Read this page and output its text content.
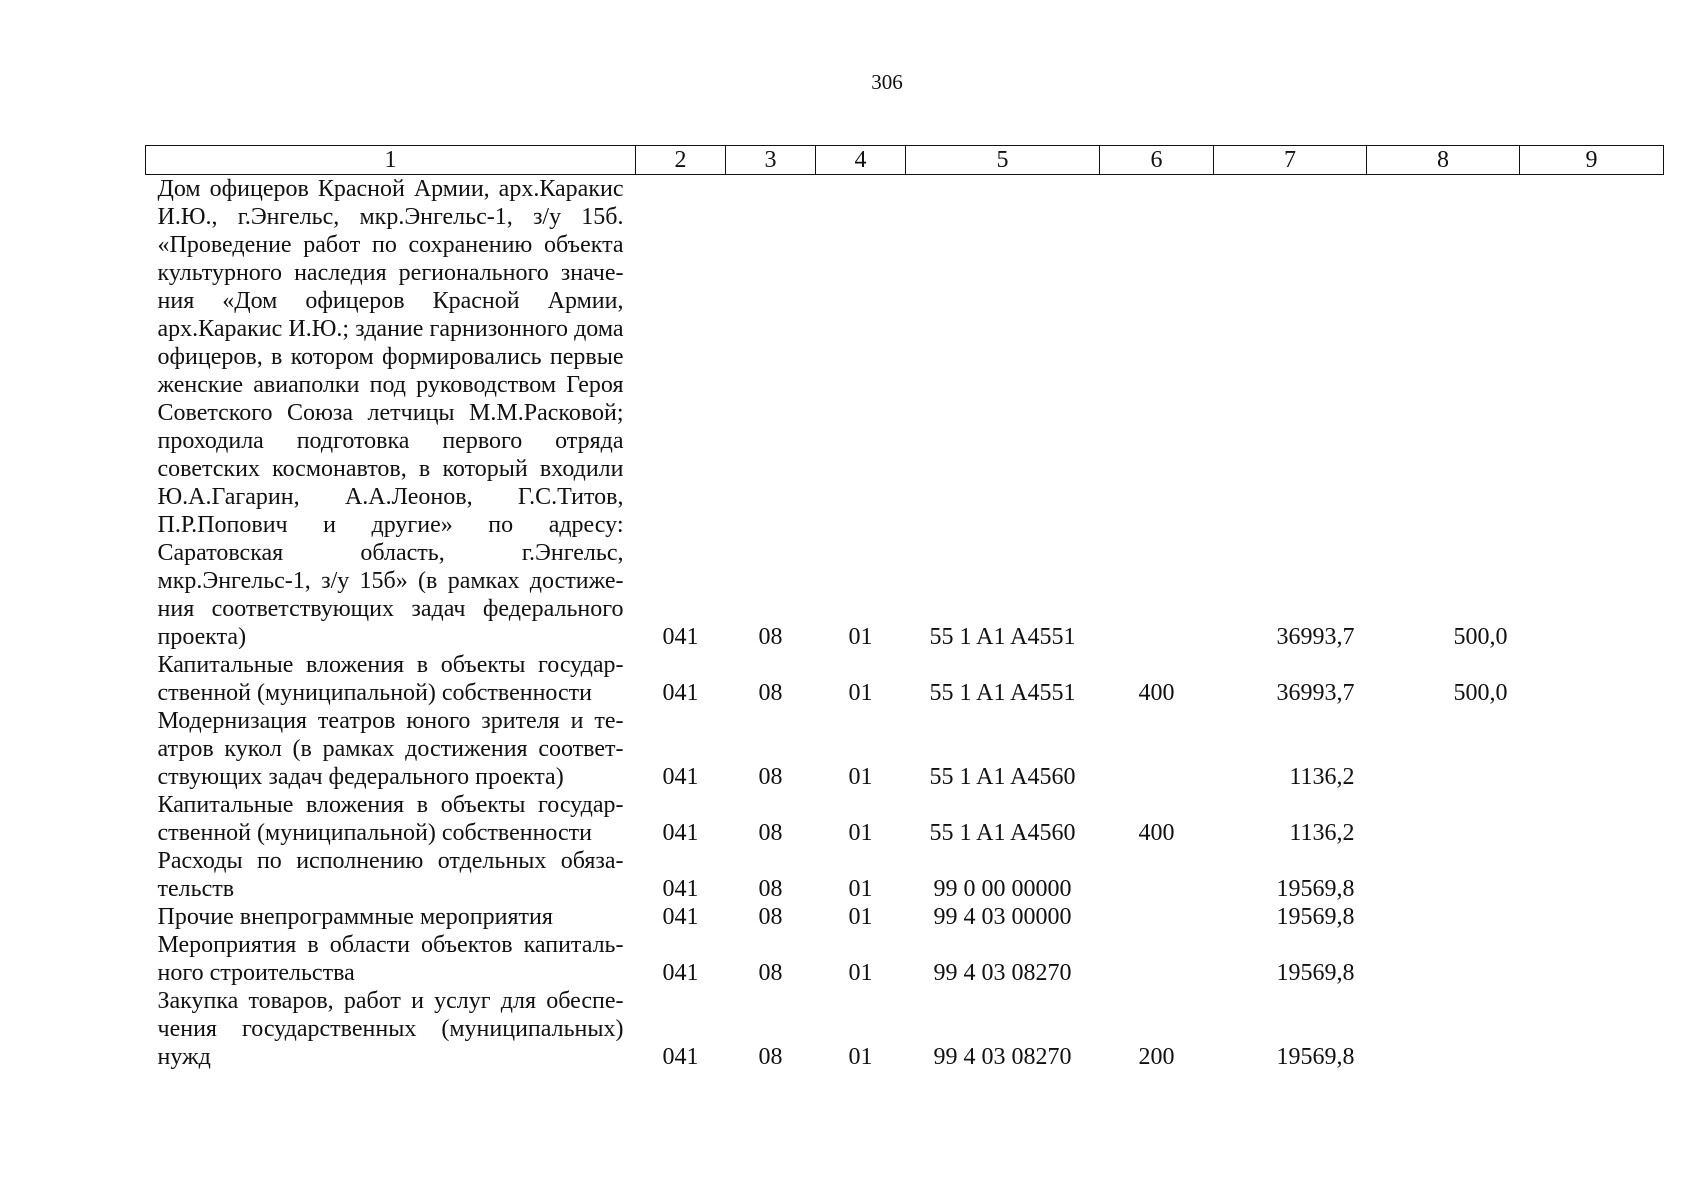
306
1	2	3	4	5	6	7	8	9
Дом офицеров Красной Армии, арх.Каракис И.Ю., г.Энгельс, мкр.Энгельс-1, з/у 15б. «Проведение работ по сохранению объекта культурного наследия регионального значения «Дом офицеров Красной Армии, арх.Каракис И.Ю.; здание гарнизонного дома офицеров, в котором формировались первые женские авиаполки под руководством Героя Советского Союза летчицы М.М.Расковой; проходила подготовка первого отряда советских космонавтов, в который входили Ю.А.Гагарин, А.А.Леонов, Г.С.Титов, П.Р.Попович и другие» по адресу: Саратовская область, г.Энгельс, мкр.Энгельс-1, з/у 15б» (в рамках достижения соответствующих задач федерального проекта)	041	08	01	55 1 A1 A4551		36993,7	500,0	
Капитальные вложения в объекты государственной (муниципальной) собственности	041	08	01	55 1 A1 A4551	400	36993,7	500,0	
Модернизация театров юного зрителя и театров кукол (в рамках достижения соответствующих задач федерального проекта)	041	08	01	55 1 A1 A4560		1136,2		
Капитальные вложения в объекты государственной (муниципальной) собственности	041	08	01	55 1 A1 A4560	400	1136,2		
Расходы по исполнению отдельных обязательств	041	08	01	99 0 00 00000		19569,8		
Прочие внепрограммные мероприятия	041	08	01	99 4 03 00000		19569,8		
Мероприятия в области объектов капитального строительства	041	08	01	99 4 03 08270		19569,8		
Закупка товаров, работ и услуг для обеспечения государственных (муниципальных) нужд	041	08	01	99 4 03 08270	200	19569,8		
